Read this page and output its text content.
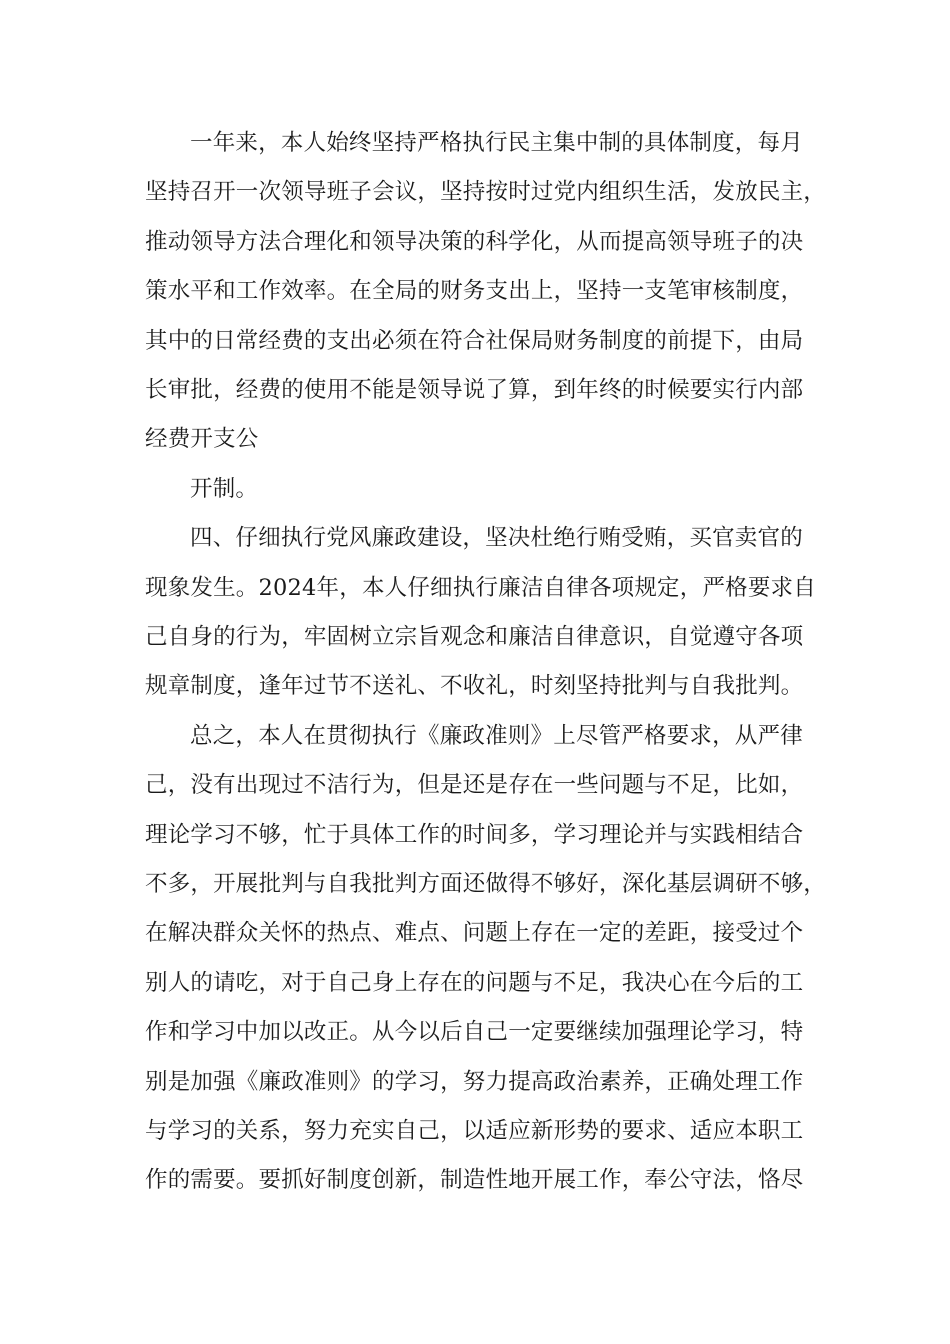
一年来，本人始终坚持严格执行民主集中制的具体制度，每月
坚持召开一次领导班子会议，坚持按时过党内组织生活，发放民主，
推动领导方法合理化和领导决策的科学化，从而提高领导班子的决
策水平和工作效率。在全局的财务支出上，坚持一支笔审核制度，
其中的日常经费的支出必须在符合社保局财务制度的前提下，由局
长审批，经费的使用不能是领导说了算，到年终的时候要实行内部
经费开支公
开制。
四、仔细执行党风廉政建设，坚决杜绝行贿受贿，买官卖官的
现象发生。2024年，本人仔细执行廉洁自律各项规定，严格要求自
己自身的行为，牢固树立宗旨观念和廉洁自律意识，自觉遵守各项
规章制度，逢年过节不送礼、不收礼，时刻坚持批判与自我批判。
总之，本人在贯彻执行《廉政准则》上尽管严格要求，从严律
己，没有出现过不洁行为，但是还是存在一些问题与不足，比如，
理论学习不够，忙于具体工作的时间多，学习理论并与实践相结合
不多，开展批判与自我批判方面还做得不够好，深化基层调研不够，
在解决群众关怀的热点、难点、问题上存在一定的差距，接受过个
别人的请吃，对于自己身上存在的问题与不足，我决心在今后的工
作和学习中加以改正。从今以后自己一定要继续加强理论学习，特
别是加强《廉政准则》的学习，努力提高政治素养，正确处理工作
与学习的关系，努力充实自己，以适应新形势的要求、适应本职工
作的需要。要抓好制度创新，制造性地开展工作，奉公守法，恪尽
